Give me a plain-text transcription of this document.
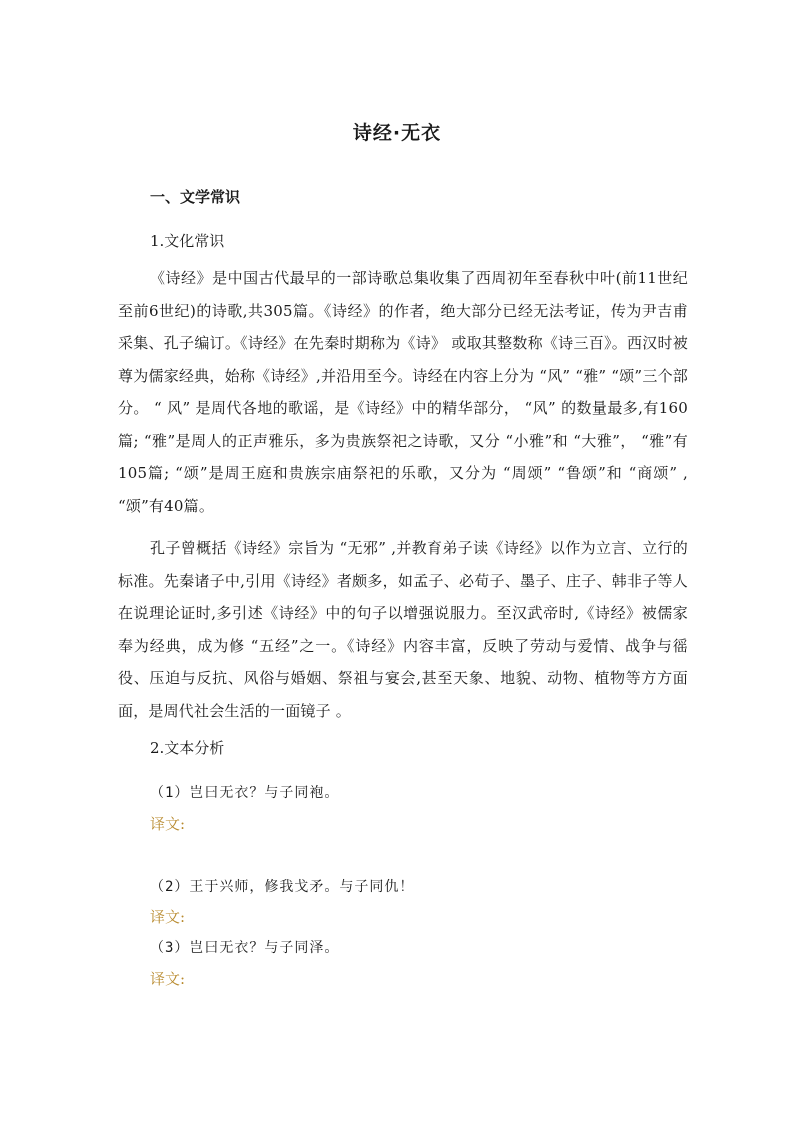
诗经·无衣
一、文学常识
1.文化常识
《诗经》是中国古代最早的一部诗歌总集收集了西周初年至春秋中叶(前11世纪至前6世纪)的诗歌,共305篇。《诗经》的作者，绝大部分已经无法考证，传为尹吉甫采集、孔子编订。《诗经》在先秦时期称为《诗》 或取其整数称《诗三百》。西汉时被尊为儒家经典，始称《诗经》,并沿用至今。诗经在内容上分为 “风” “雅” “颂”三个部分。 “ 风” 是周代各地的歌谣，是《诗经》中的精华部分， “风” 的数量最多,有160篇; “雅”是周人的正声雅乐，多为贵族祭祀之诗歌，又分 “小雅”和 “大雅”， “雅”有105篇; “颂”是周王庭和贵族宗庙祭祀的乐歌，又分为 “周颂” “鲁颂”和 “商颂” , “颂”有40篇。
孔子曾概括《诗经》宗旨为 “无邪” ,并教育弟子读《诗经》以作为立言、立行的标准。先秦诸子中,引用《诗经》者颇多，如孟子、必荀子、墨子、庄子、韩非子等人在说理论证时,多引述《诗经》中的句子以增强说服力。至汉武帝时,《诗经》被儒家奉为经典，成为修 “五经”之一。《诗经》内容丰富，反映了劳动与爱情、战争与徭役、压迫与反抗、风俗与婚姻、祭祖与宴会,甚至天象、地貌、动物、植物等方方面面，是周代社会生活的一面镜子 。
2.文本分析
（1）岂曰无衣？与子同袍。
译文:
（2）王于兴师，修我戈矛。与子同仇！
译文:
（3）岂曰无衣？与子同泽。
译文:
